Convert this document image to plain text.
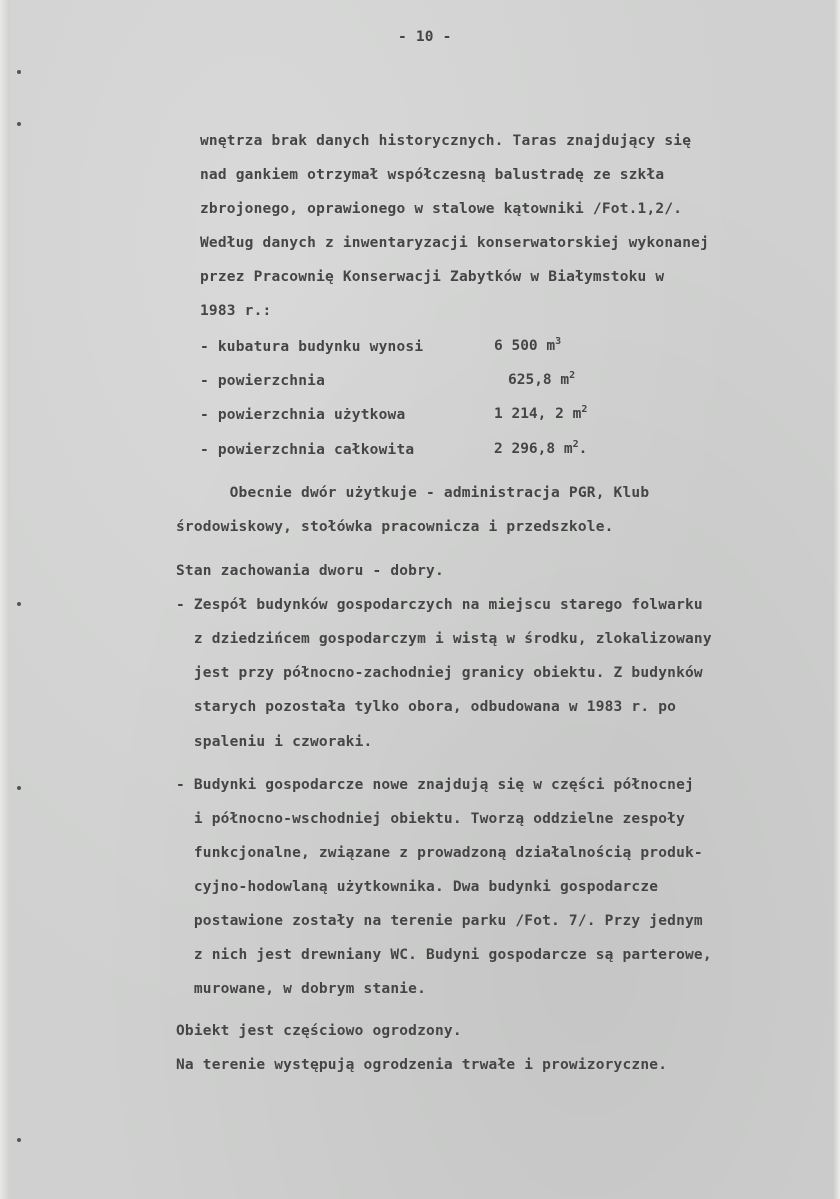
- 10 -
wnętrza brak danych historycznych. Taras znajdujący się
nad gankiem otrzymał współczesną balustradę ze szkła
zbrojonego, oprawionego w stalowe kątowniki /Fot.1,2/.
Według danych z inwentaryzacji konserwatorskiej wykonanej
przez Pracownię Konserwacji Zabytków w Białymstoku w
1983 r.:
- kubatura budynku wynosi	6 500 $m^3$
- powierzchnia	625,8 $m^2$
- powierzchnia użytkowa	1 214, 2 $m^2$
- powierzchnia całkowita	2 296,8 $m^2$.
Obecnie dwór użytkuje - administracja PGR, Klub
środowiskowy, stołówka pracownicza i przedszkole.
Stan zachowania dworu - dobry.
- Zespół budynków gospodarczych na miejscu starego folwarku
z dziedzińcem gospodarczym i wistą w środku, zlokalizowany
jest przy północno-zachodniej granicy obiektu. Z budynków
starych pozostała tylko obora, odbudowana w 1983 r. po
spaleniu i czworaki.
- Budynki gospodarcze nowe znajdują się w części północnej
i północno-wschodniej obiektu. Tworzą oddzielne zespoły
funkcjonalne, związane z prowadzoną działalnością produk-
cyjno-hodowlaną użytkownika. Dwa budynki gospodarcze
postawione zostały na terenie parku /Fot. 7/. Przy jednym
z nich jest drewniany WC. Budyni gospodarcze są parterowe,
murowane, w dobrym stanie.
Obiekt jest częściowo ogrodzony.
Na terenie występują ogrodzenia trwałe i prowizoryczne.
